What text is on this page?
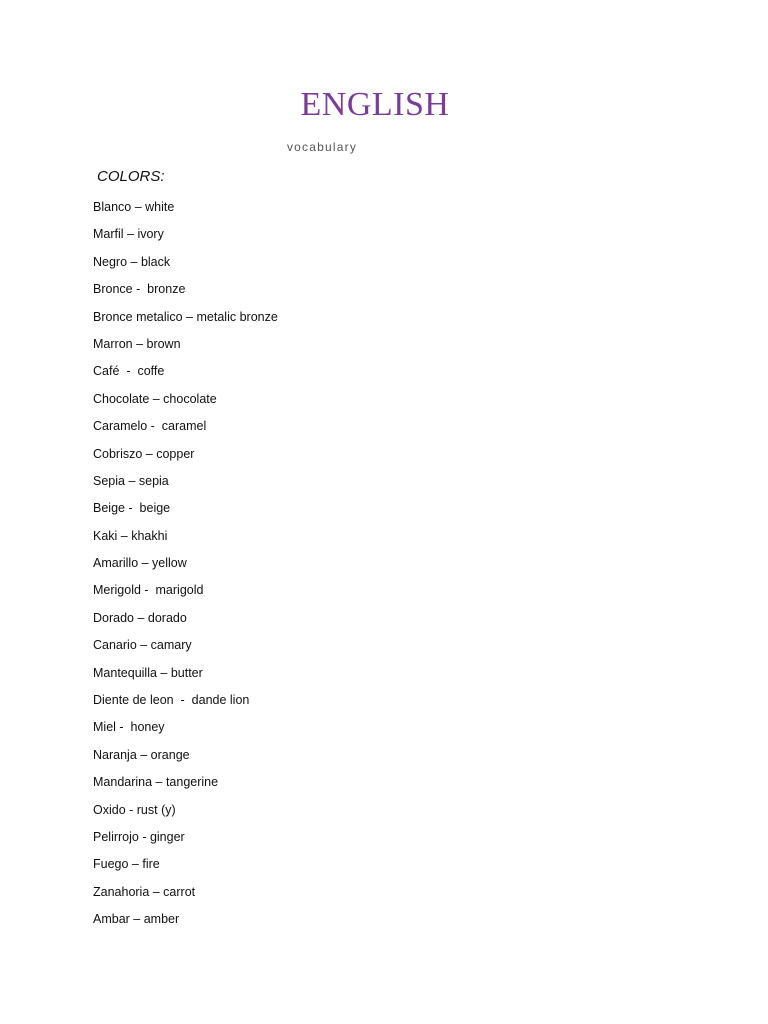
ENGLISH

vocabulary

COLORS:

Blanco – white
Marfil – ivory
Negro – black
Bronce -  bronze
Bronce metalico – metalic bronze
Marron – brown
Café  -  coffe
Chocolate – chocolate
Caramelo -  caramel
Cobriszo – copper
Sepia – sepia
Beige -  beige
Kaki – khakhi
Amarillo – yellow
Merigold -  marigold
Dorado – dorado
Canario – camary
Mantequilla – butter
Diente de leon  -  dande lion
Miel -  honey
Naranja – orange
Mandarina – tangerine
Oxido - rust (y)
Pelirrojo - ginger
Fuego – fire
Zanahoria – carrot
Ambar – amber
